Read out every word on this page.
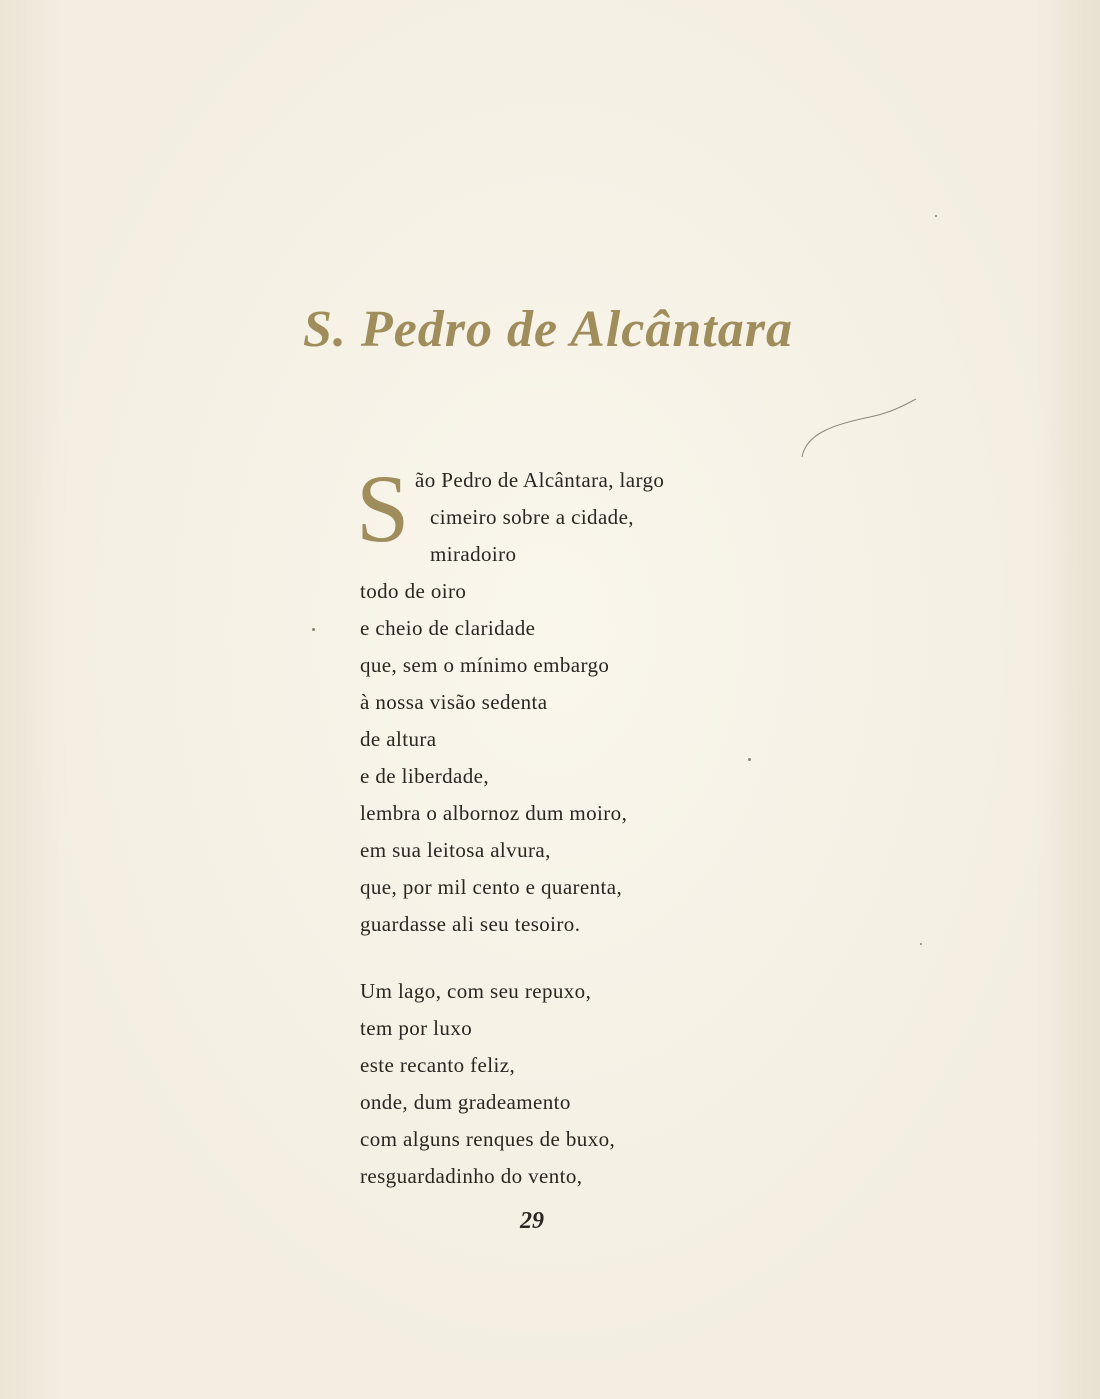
S. Pedro de Alcântara
S ão Pedro de Alcântara, largo
cimeiro sobre a cidade,
miradoiro
todo de oiro
e cheio de claridade
que, sem o mínimo embargo
à nossa visão sedenta
de altura
e de liberdade,
lembra o albornoz dum moiro,
em sua leitosa alvura,
que, por mil cento e quarenta,
guardasse ali seu tesoiro.
Um lago, com seu repuxo,
tem por luxo
este recanto feliz,
onde, dum gradeamento
com alguns renques de buxo,
resguardadinho do vento,
29
